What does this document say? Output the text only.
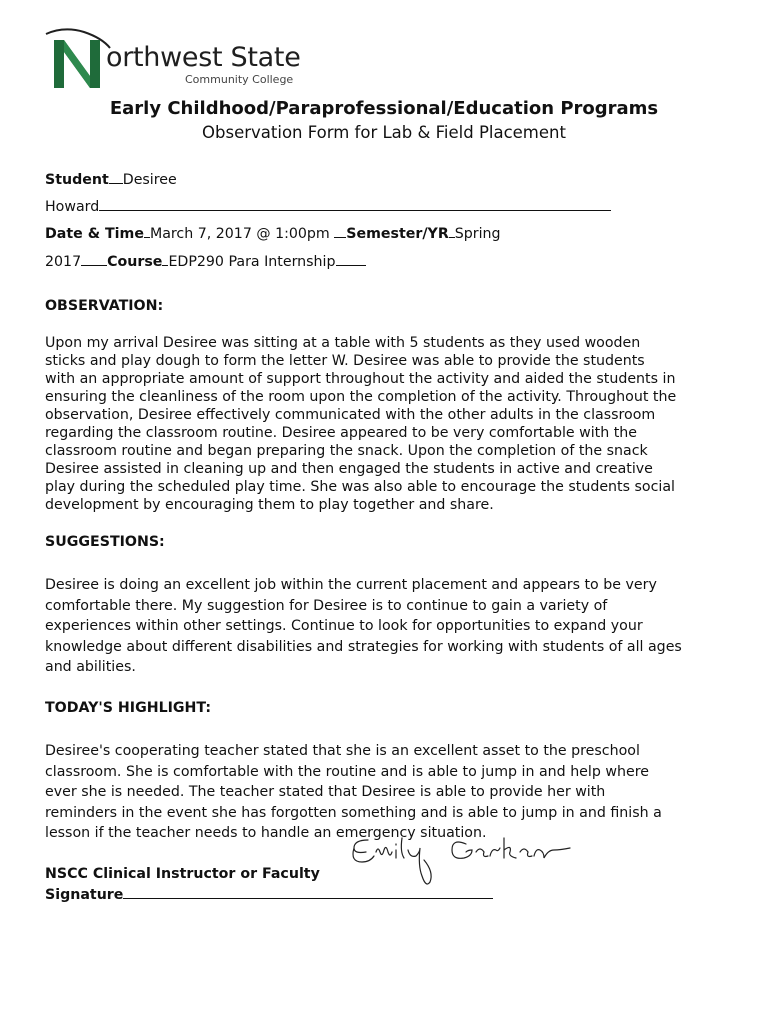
orthwest State
Community College
Early Childhood/Paraprofessional/Education Programs
Observation Form for Lab & Field Placement
Student Desiree
Howard
Date & Time March 7, 2017 @ 1:00pm Semester/YR Spring
2017 Course EDP290 Para Internship
OBSERVATION:
Upon my arrival Desiree was sitting at a table with 5 students as they used wooden
sticks and play dough to form the letter W. Desiree was able to provide the students
with an appropriate amount of support throughout the activity and aided the students in
ensuring the cleanliness of the room upon the completion of the activity. Throughout the
observation, Desiree effectively communicated with the other adults in the classroom
regarding the classroom routine. Desiree appeared to be very comfortable with the
classroom routine and began preparing the snack. Upon the completion of the snack
Desiree assisted in cleaning up and then engaged the students in active and creative
play during the scheduled play time. She was also able to encourage the students social
development by encouraging them to play together and share.
SUGGESTIONS:
Desiree is doing an excellent job within the current placement and appears to be very
comfortable there. My suggestion for Desiree is to continue to gain a variety of
experiences within other settings. Continue to look for opportunities to expand your
knowledge about different disabilities and strategies for working with students of all ages
and abilities.
TODAY'S HIGHLIGHT:
Desiree's cooperating teacher stated that she is an excellent asset to the preschool
classroom. She is comfortable with the routine and is able to jump in and help where
ever she is needed. The teacher stated that Desiree is able to provide her with
reminders in the event she has forgotten something and is able to jump in and finish a
lesson if the teacher needs to handle an emergency situation.
NSCC Clinical Instructor or Faculty
Signature
